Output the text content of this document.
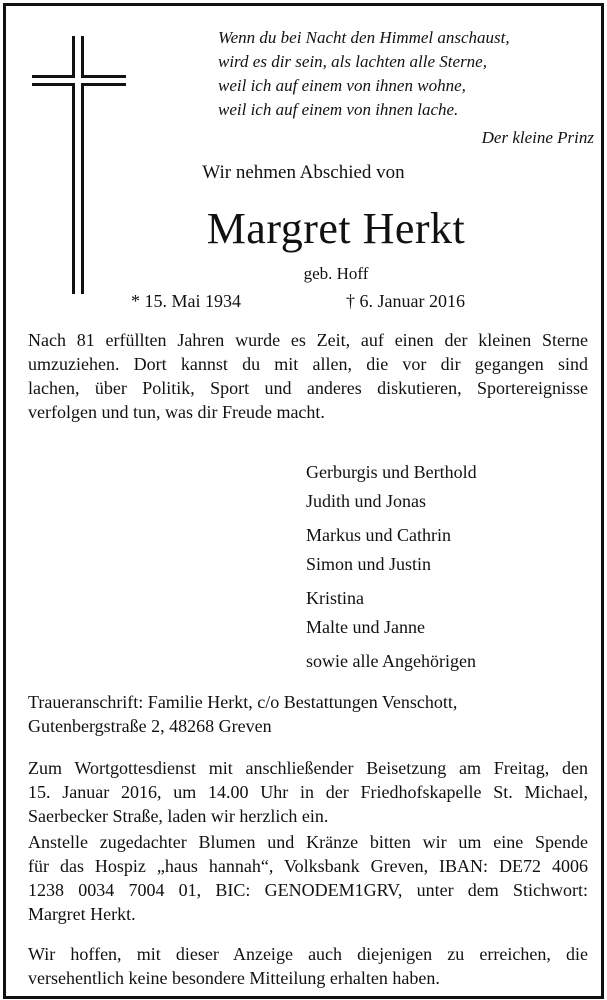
Wenn du bei Nacht den Himmel anschaust,
wird es dir sein, als lachten alle Sterne,
weil ich auf einem von ihnen wohne,
weil ich auf einem von ihnen lache.
Der kleine Prinz
Wir nehmen Abschied von
Margret Herkt
geb. Hoff
* 15. Mai 1934	† 6. Januar 2016
Nach 81 erfüllten Jahren wurde es Zeit, auf einen der kleinen Sterne
umzuziehen. Dort kannst du mit allen, die vor dir gegangen sind
lachen, über Politik, Sport und anderes diskutieren, Sportereignisse
verfolgen und tun, was dir Freude macht.
Gerburgis und Berthold
Judith und Jonas
Markus und Cathrin
Simon und Justin
Kristina
Malte und Janne
sowie alle Angehörigen
Traueranschrift: Familie Herkt, c/o Bestattungen Venschott,
Gutenbergstraße 2, 48268 Greven
Zum Wortgottesdienst mit anschließender Beisetzung am Freitag, den
15. Januar 2016, um 14.00 Uhr in der Friedhofskapelle St. Michael,
Saerbecker Straße, laden wir herzlich ein.
Anstelle zugedachter Blumen und Kränze bitten wir um eine Spende
für das Hospiz „haus hannah“, Volksbank Greven, IBAN: DE72 4006
1238 0034 7004 01, BIC: GENODEM1GRV, unter dem Stichwort:
Margret Herkt.
Wir hoffen, mit dieser Anzeige auch diejenigen zu erreichen, die
versehentlich keine besondere Mitteilung erhalten haben.
